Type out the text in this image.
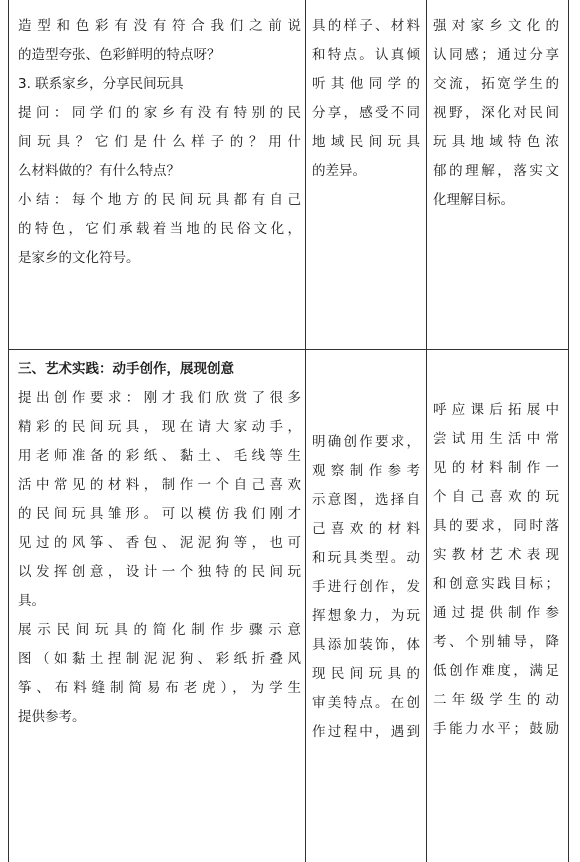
造型和色彩有没有符合我们之前说
的造型夸张、色彩鲜明的特点呀？
3. 联系家乡，分享民间玩具
提问：同学们的家乡有没有特别的民
间玩具？它们是什么样子的？用什
么材料做的？有什么特点？
小结：每个地方的民间玩具都有自己
的特色，它们承载着当地的民俗文化，
是家乡的文化符号。
具的样子、材料
和特点。认真倾
听其他同学的
分享，感受不同
地域民间玩具
的差异。
强对家乡文化的
认同感；通过分享
交流，拓宽学生的
视野，深化对民间
玩具地域特色浓
郁的理解，落实文
化理解目标。
三、艺术实践：动手创作，展现创意
提出创作要求：刚才我们欣赏了很多
精彩的民间玩具，现在请大家动手，
用老师准备的彩纸、黏土、毛线等生
活中常见的材料，制作一个自己喜欢
的民间玩具雏形。可以模仿我们刚才
见过的风筝、香包、泥泥狗等，也可
以发挥创意，设计一个独特的民间玩
具。
展示民间玩具的简化制作步骤示意
图（如黏土捏制泥泥狗、彩纸折叠风
筝、布料缝制简易布老虎），为学生
提供参考。
明确创作要求，
观察制作参考
示意图，选择自
己喜欢的材料
和玩具类型。动
手进行创作，发
挥想象力，为玩
具添加装饰，体
现民间玩具的
审美特点。在创
作过程中，遇到
呼应课后拓展中
尝试用生活中常
见的材料制作一
个自己喜欢的玩
具的要求，同时落
实教材艺术表现
和创意实践目标；
通过提供制作参
考、个别辅导，降
低创作难度，满足
二年级学生的动
手能力水平；鼓励
